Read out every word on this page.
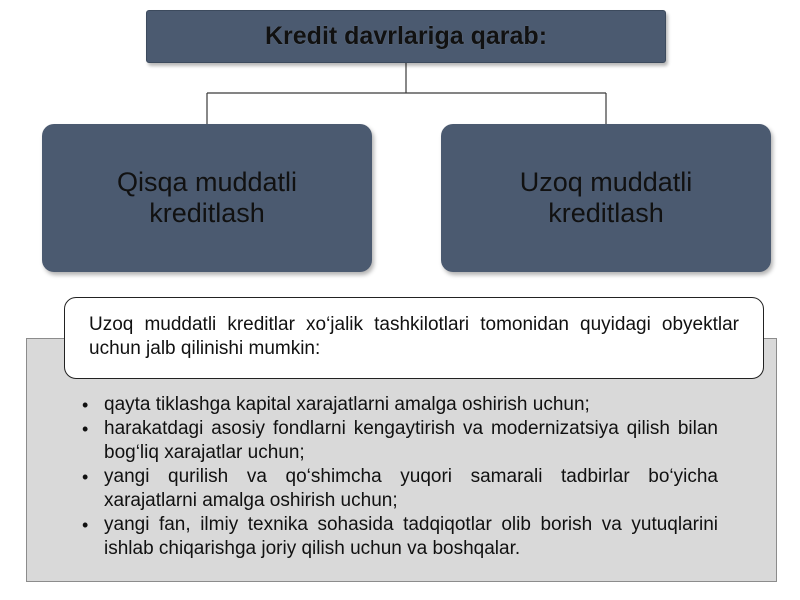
Kredit davrlariga qarab:
Qisqa muddatli kreditlash
Uzoq muddatli kreditlash
Uzoq muddatli kreditlar xo‘jalik tashkilotlari tomonidan quyidagi obyektlar uchun jalb qilinishi mumkin:
• qayta tiklashga kapital xarajatlarni amalga oshirish uchun;
• harakatdagi asosiy fondlarni kengaytirish va modernizatsiya qilish bilan bog‘liq xarajatlar uchun;
• yangi qurilish va qo‘shimcha yuqori samarali tadbirlar bo‘yicha xarajatlarni amalga oshirish uchun;
• yangi fan, ilmiy texnika sohasida tadqiqotlar olib borish va yutuqlarini ishlab chiqarishga joriy qilish uchun va boshqalar.
